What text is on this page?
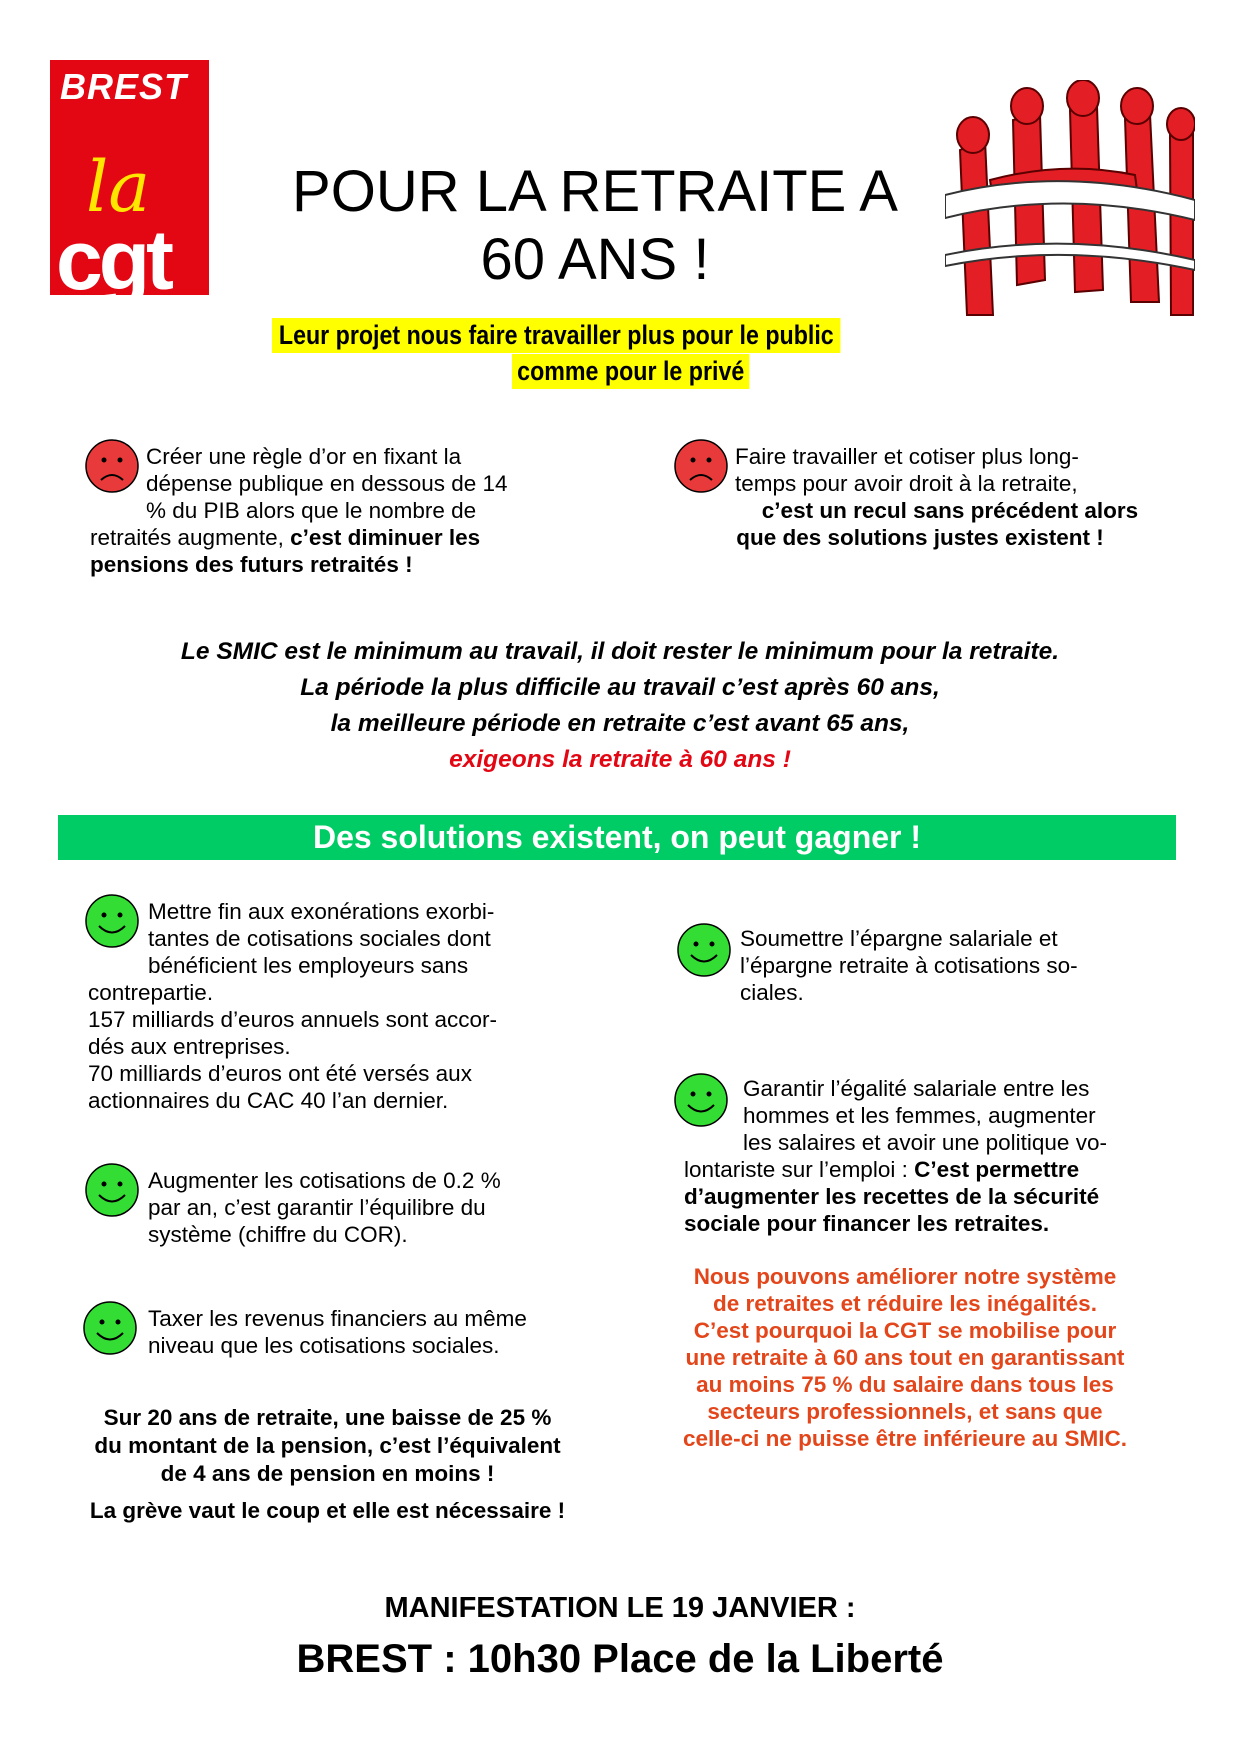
BREST
la
cgt
POUR LA RETRAITE A
60 ANS !
Leur projet nous faire travailler plus pour le public
comme pour le privé
Créer une règle d’or en fixant la
dépense publique en dessous de 14
% du PIB alors que le nombre de
retraités augmente, c’est diminuer les
pensions des futurs retraités !
Faire travailler et cotiser plus long-
temps pour avoir droit à la retraite,
c’est un recul sans précédent alors
que des solutions justes existent !
Le SMIC est le minimum au travail, il doit rester le minimum pour la retraite.
La période la plus difficile au travail c’est après 60 ans,
la meilleure période en retraite c’est avant 65 ans,
exigeons la retraite à 60 ans !
Des solutions existent, on peut gagner !
Mettre fin aux exonérations exorbi-
tantes de cotisations sociales dont
bénéficient les employeurs sans
contrepartie.
157 milliards d’euros annuels sont accor-
dés aux entreprises.
70 milliards d’euros ont été versés aux
actionnaires du CAC 40 l’an dernier.
Augmenter les cotisations de 0.2 %
par an, c’est garantir l’équilibre du
système (chiffre du COR).
Taxer les revenus financiers au même
niveau que les cotisations sociales.
Sur 20 ans de retraite, une baisse de 25 %
du montant de la pension, c’est l’équivalent
de 4 ans de pension en moins !
La grève vaut le coup et elle est nécessaire !
Soumettre l’épargne salariale et
l’épargne retraite à cotisations so-
ciales.
Garantir l’égalité salariale entre les
hommes et les femmes, augmenter
les salaires et avoir une politique vo-
lontariste sur l’emploi : C’est permettre
d’augmenter les recettes de la sécurité
sociale pour financer les retraites.
Nous pouvons améliorer notre système
de retraites et réduire les inégalités.
C’est pourquoi la CGT se mobilise pour
une retraite à 60 ans tout en garantissant
au moins 75 % du salaire dans tous les
secteurs professionnels, et sans que
celle-ci ne puisse être inférieure au SMIC.
MANIFESTATION LE 19 JANVIER :
BREST : 10h30 Place de la Liberté
